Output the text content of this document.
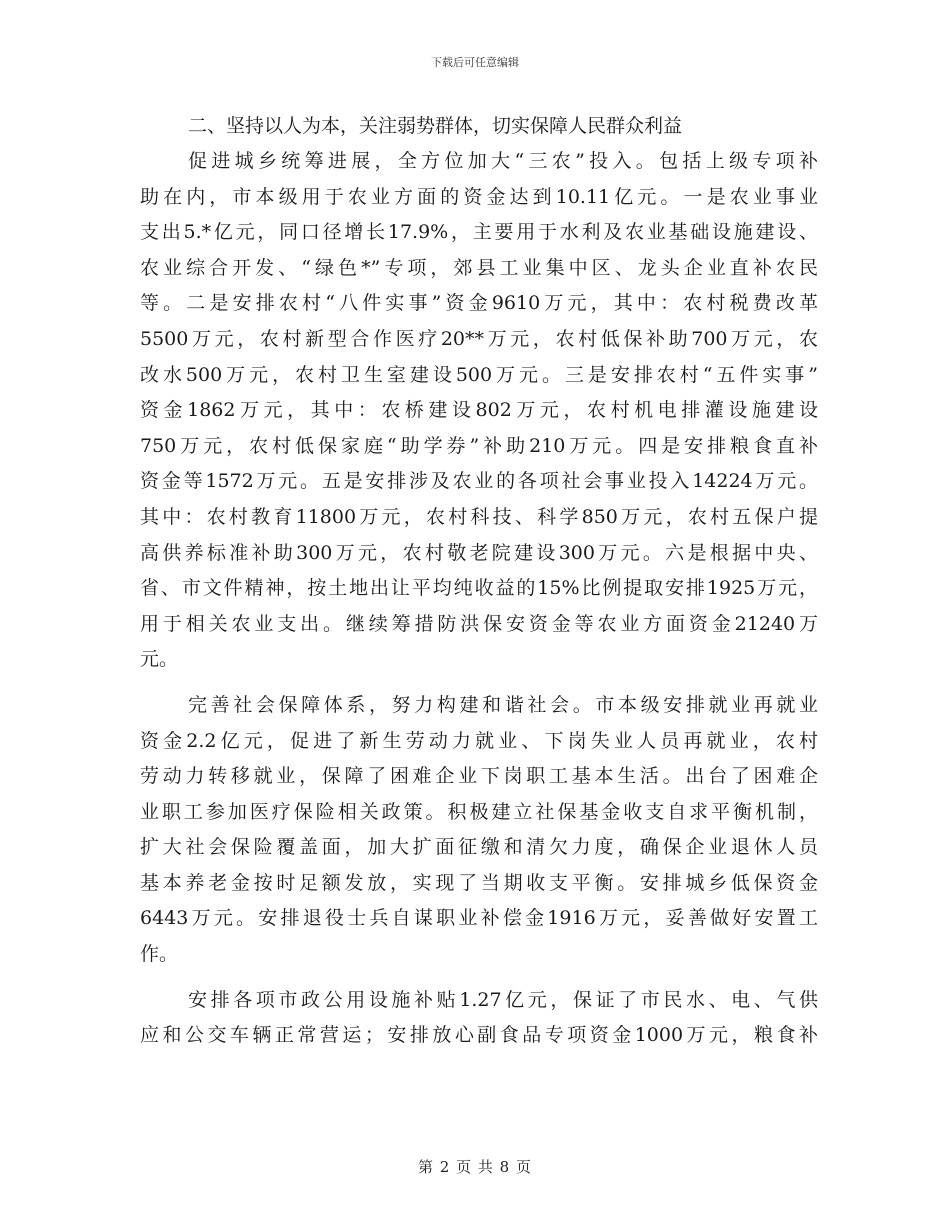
下载后可任意编辑

二、坚持以人为本，关注弱势群体，切实保障人民群众利益

促进城乡统筹进展，全方位加大“三农”投入。包括上级专项补
助在内，市本级用于农业方面的资金达到10.11亿元。一是农业事业
支出5.*亿元，同口径增长17.9%，主要用于水利及农业基础设施建设、
农业综合开发、“绿色*”专项，郊县工业集中区、龙头企业直补农民
等。二是安排农村“八件实事”资金9610万元，其中：农村税费改革
5500万元，农村新型合作医疗20**万元，农村低保补助700万元，农
改水500万元，农村卫生室建设500万元。三是安排农村“五件实事”
资金1862万元，其中：农桥建设802万元，农村机电排灌设施建设
750万元，农村低保家庭“助学券”补助210万元。四是安排粮食直补
资金等1572万元。五是安排涉及农业的各项社会事业投入14224万元。
其中：农村教育11800万元，农村科技、科学850万元，农村五保户提
高供养标准补助300万元，农村敬老院建设300万元。六是根据中央、
省、市文件精神，按土地出让平均纯收益的15%比例提取安排1925万元，
用于相关农业支出。继续筹措防洪保安资金等农业方面资金21240万
元。
完善社会保障体系，努力构建和谐社会。市本级安排就业再就业
资金2.2亿元，促进了新生劳动力就业、下岗失业人员再就业，农村
劳动力转移就业，保障了困难企业下岗职工基本生活。出台了困难企
业职工参加医疗保险相关政策。积极建立社保基金收支自求平衡机制，
扩大社会保险覆盖面，加大扩面征缴和清欠力度，确保企业退休人员
基本养老金按时足额发放，实现了当期收支平衡。安排城乡低保资金
6443万元。安排退役士兵自谋职业补偿金1916万元，妥善做好安置工
作。
安排各项市政公用设施补贴1.27亿元，保证了市民水、电、气供
应和公交车辆正常营运；安排放心副食品专项资金1000万元，粮食补
第 2 页 共 8 页
